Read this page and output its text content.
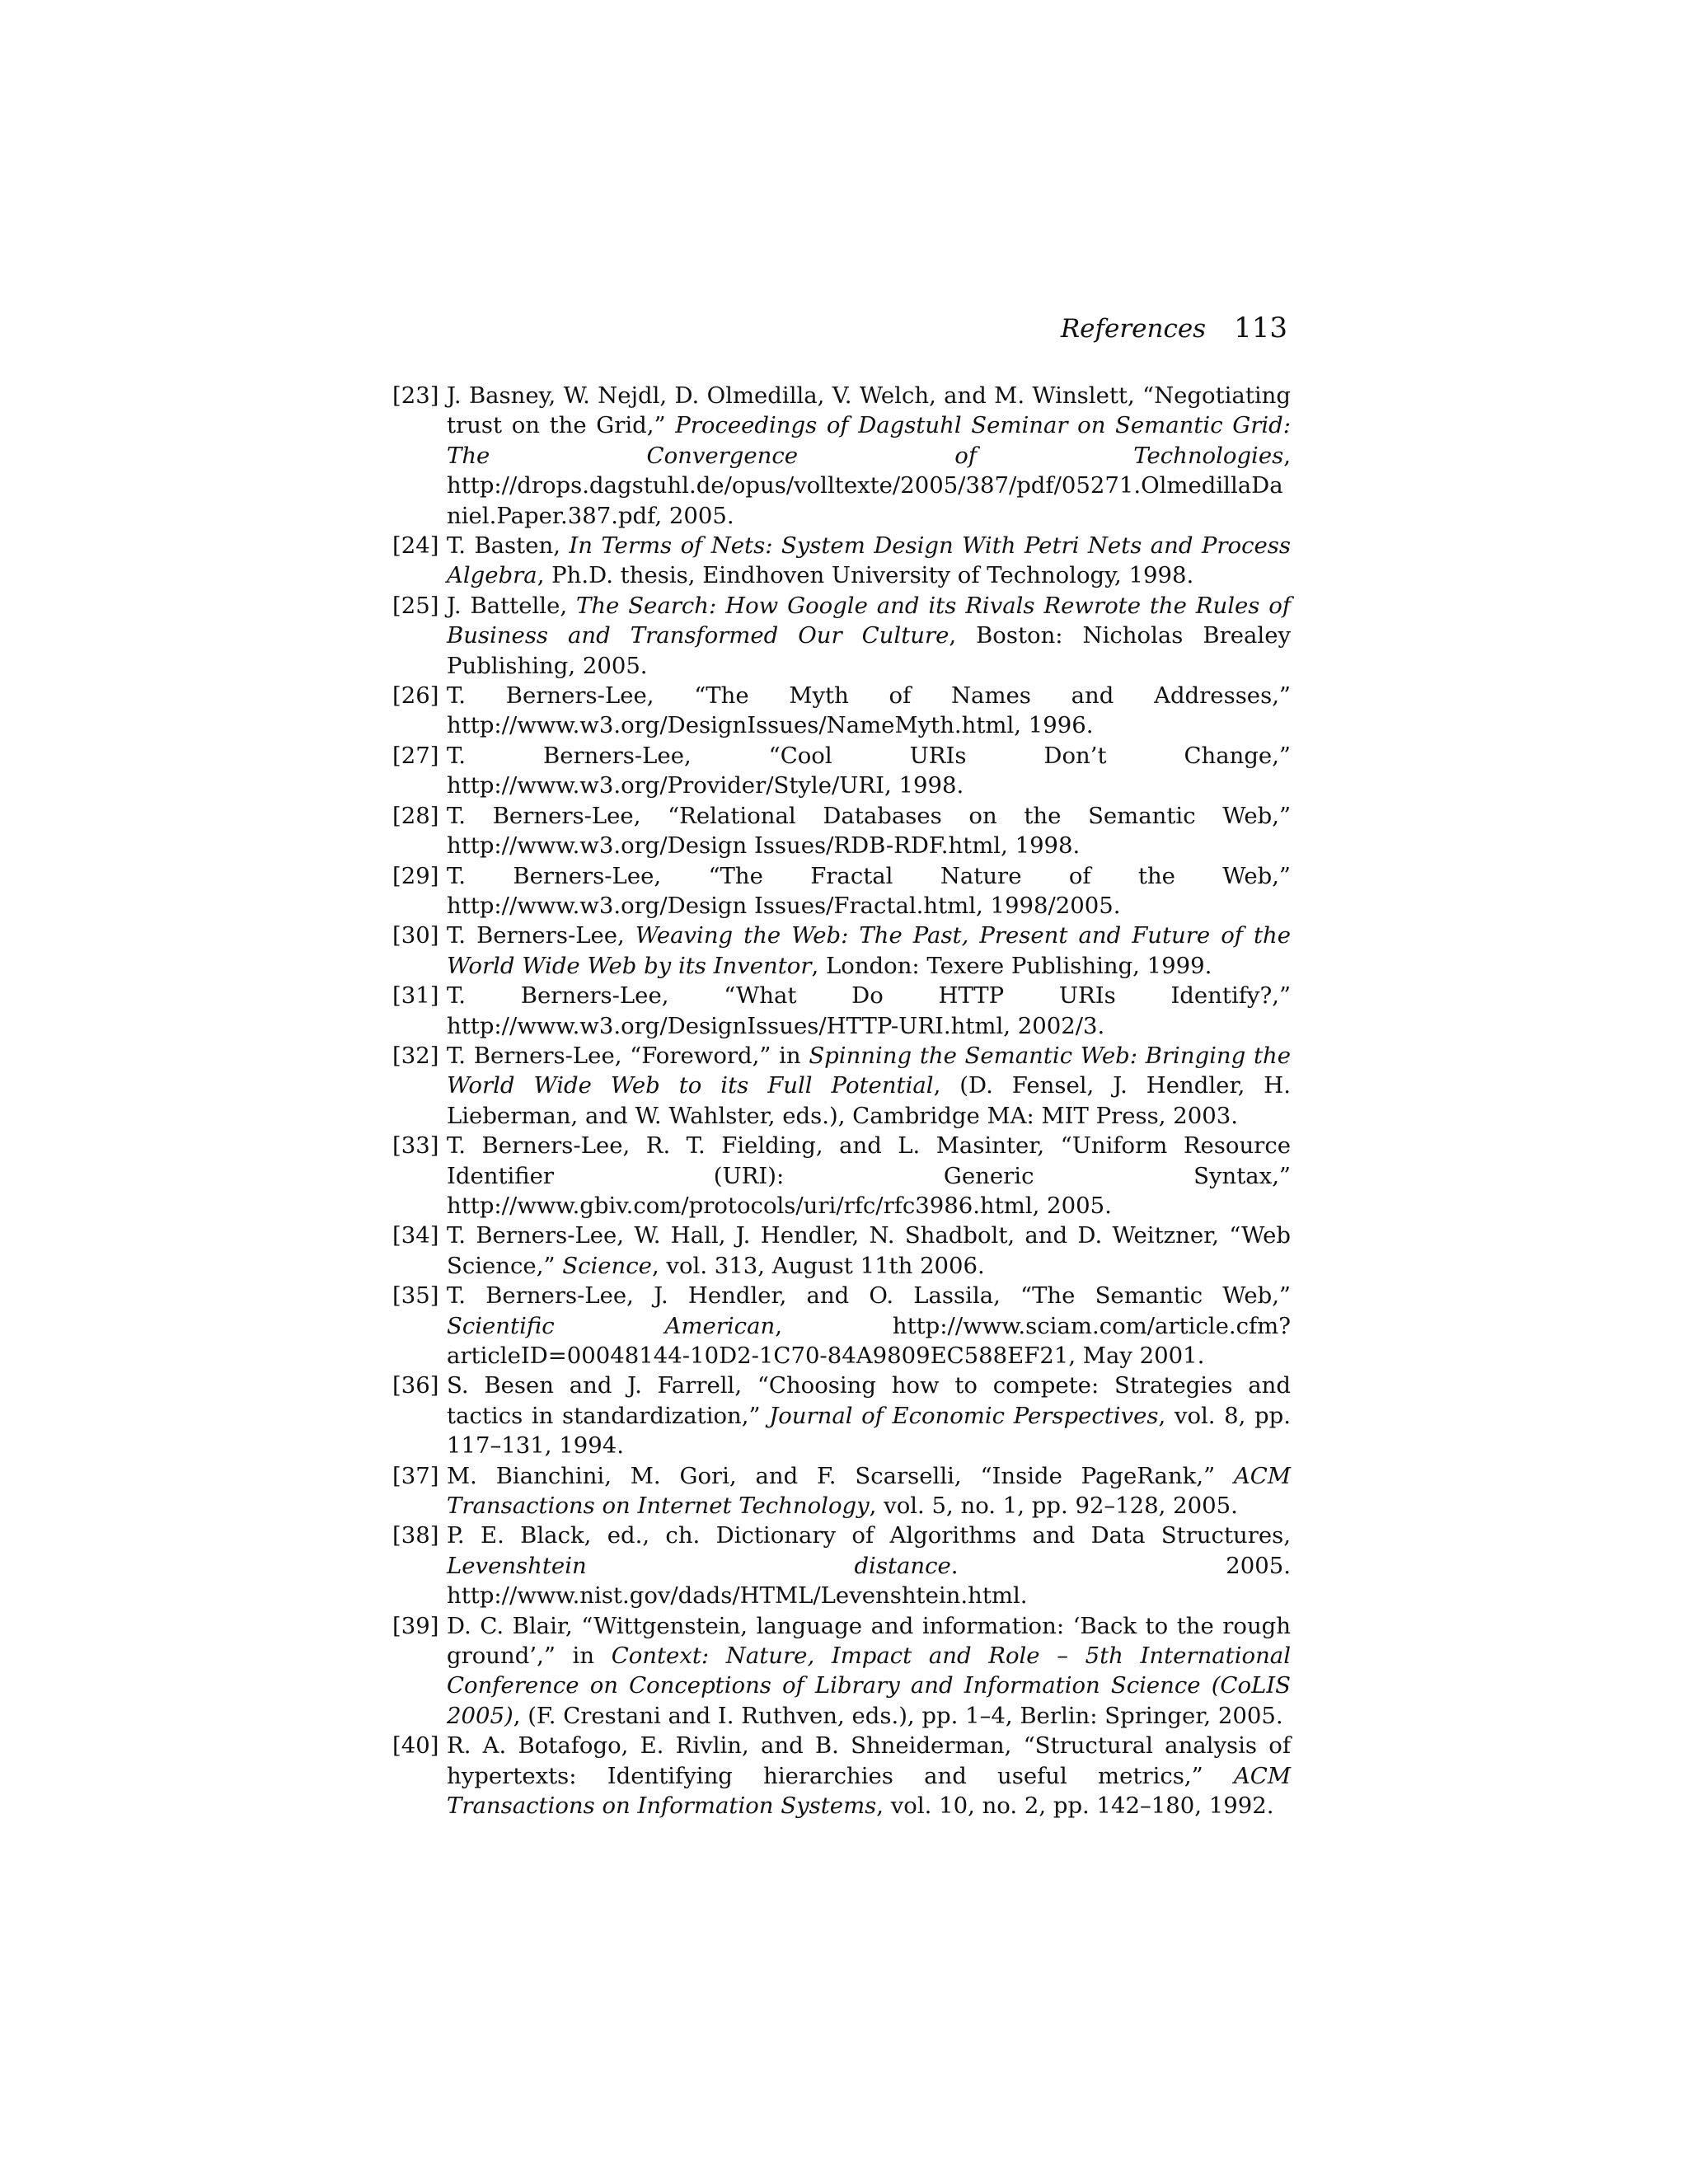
References 113
[23] J. Basney, W. Nejdl, D. Olmedilla, V. Welch, and M. Winslett, “Negotiating trust on the Grid,” Proceedings of Dagstuhl Seminar on Semantic Grid: The Convergence of Technologies, http://drops.dagstuhl.de/opus/volltexte/2005/387/pdf/05271.OlmedillaDaniel.Paper.387.pdf, 2005.
[24] T. Basten, In Terms of Nets: System Design With Petri Nets and Process Algebra, Ph.D. thesis, Eindhoven University of Technology, 1998.
[25] J. Battelle, The Search: How Google and its Rivals Rewrote the Rules of Business and Transformed Our Culture, Boston: Nicholas Brealey Publishing, 2005.
[26] T. Berners-Lee, “The Myth of Names and Addresses,” http://www.w3.org/DesignIssues/NameMyth.html, 1996.
[27] T. Berners-Lee, “Cool URIs Don’t Change,” http://www.w3.org/Provider/Style/URI, 1998.
[28] T. Berners-Lee, “Relational Databases on the Semantic Web,” http://www.w3.org/Design Issues/RDB-RDF.html, 1998.
[29] T. Berners-Lee, “The Fractal Nature of the Web,” http://www.w3.org/Design Issues/Fractal.html, 1998/2005.
[30] T. Berners-Lee, Weaving the Web: The Past, Present and Future of the World Wide Web by its Inventor, London: Texere Publishing, 1999.
[31] T. Berners-Lee, “What Do HTTP URIs Identify?,” http://www.w3.org/DesignIssues/HTTP-URI.html, 2002/3.
[32] T. Berners-Lee, “Foreword,” in Spinning the Semantic Web: Bringing the World Wide Web to its Full Potential, (D. Fensel, J. Hendler, H. Lieberman, and W. Wahlster, eds.), Cambridge MA: MIT Press, 2003.
[33] T. Berners-Lee, R. T. Fielding, and L. Masinter, “Uniform Resource Identifier (URI): Generic Syntax,” http://www.gbiv.com/protocols/uri/rfc/rfc3986.html, 2005.
[34] T. Berners-Lee, W. Hall, J. Hendler, N. Shadbolt, and D. Weitzner, “Web Science,” Science, vol. 313, August 11th 2006.
[35] T. Berners-Lee, J. Hendler, and O. Lassila, “The Semantic Web,” Scientific American, http://www.sciam.com/article.cfm?articleID=00048144-10D2-1C70-84A9809EC588EF21, May 2001.
[36] S. Besen and J. Farrell, “Choosing how to compete: Strategies and tactics in standardization,” Journal of Economic Perspectives, vol. 8, pp. 117–131, 1994.
[37] M. Bianchini, M. Gori, and F. Scarselli, “Inside PageRank,” ACM Transactions on Internet Technology, vol. 5, no. 1, pp. 92–128, 2005.
[38] P. E. Black, ed., ch. Dictionary of Algorithms and Data Structures, Levenshtein distance. 2005. http://www.nist.gov/dads/HTML/Levenshtein.html.
[39] D. C. Blair, “Wittgenstein, language and information: ‘Back to the rough ground’,” in Context: Nature, Impact and Role – 5th International Conference on Conceptions of Library and Information Science (CoLIS 2005), (F. Crestani and I. Ruthven, eds.), pp. 1–4, Berlin: Springer, 2005.
[40] R. A. Botafogo, E. Rivlin, and B. Shneiderman, “Structural analysis of hypertexts: Identifying hierarchies and useful metrics,” ACM Transactions on Information Systems, vol. 10, no. 2, pp. 142–180, 1992.
